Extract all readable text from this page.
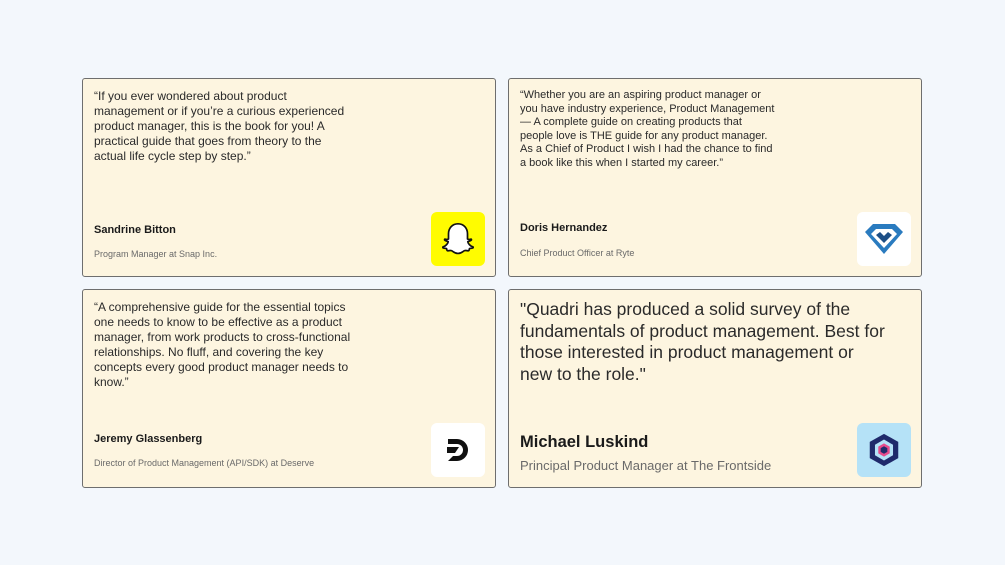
“If you ever wondered about product
management or if you’re a curious experienced
product manager, this is the book for you! A
practical guide that goes from theory to the
actual life cycle step by step.”
Sandrine Bitton
Program Manager at Snap Inc.
“Whether you are an aspiring product manager or
you have industry experience, Product Management
— A complete guide on creating products that
people love is THE guide for any product manager.
As a Chief of Product I wish I had the chance to find
a book like this when I started my career.”
Doris Hernandez
Chief Product Officer at Ryte
“A comprehensive guide for the essential topics
one needs to know to be effective as a product
manager, from work products to cross-functional
relationships. No fluff, and covering the key
concepts every good product manager needs to
know.”
Jeremy Glassenberg
Director of Product Management (API/SDK) at Deserve
"Quadri has produced a solid survey of the
fundamentals of product management. Best for
those interested in product management or
new to the role."
Michael Luskind
Principal Product Manager at The Frontside
